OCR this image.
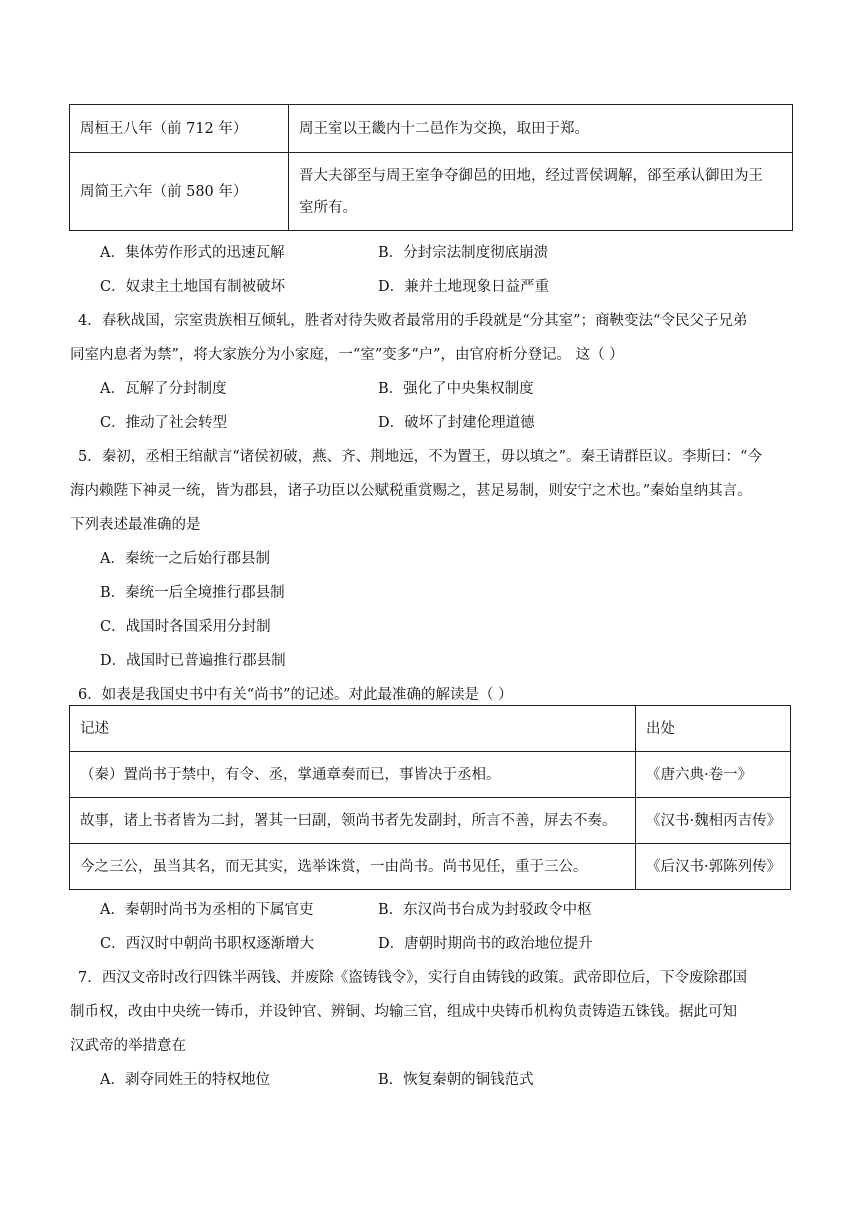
周桓王八年（前 712 年）	周王室以王畿内十二邑作为交换，取田于郑。
周简王六年（前 580 年）	晋大夫郤至与周王室争夺御邑的田地，经过晋侯调解，郤至承认御田为王
室所有。
A．集体劳作形式的迅速瓦解	B．分封宗法制度彻底崩溃
C．奴隶主土地国有制被破坏	D．兼并土地现象日益严重
4．春秋战国，宗室贵族相互倾轧，胜者对待失败者最常用的手段就是“分其室”；商鞅变法“令民父子兄弟
同室内息者为禁”，将大家族分为小家庭，一“室”变多“户”，由官府析分登记。 这（ ）
A．瓦解了分封制度	B．强化了中央集权制度
C．推动了社会转型	D．破坏了封建伦理道德
5．秦初，丞相王绾献言“诸侯初破，燕、齐、荆地远，不为置王，毋以填之”。秦王请群臣议。李斯曰：“今
海内赖陛下神灵一统，皆为郡县，诸子功臣以公赋税重赏赐之，甚足易制，则安宁之术也。”秦始皇纳其言。
下列表述最准确的是
A．秦统一之后始行郡县制
B．秦统一后全境推行郡县制
C．战国时各国采用分封制
D．战国时已普遍推行郡县制
6．如表是我国史书中有关“尚书”的记述。对此最准确的解读是（ ）
记述	出处
（秦）置尚书于禁中，有令、丞，掌通章奏而已，事皆决于丞相。	《唐六典·卷一》
故事，诸上书者皆为二封，署其一曰副，领尚书者先发副封，所言不善，屏去不奏。	《汉书·魏相丙吉传》
今之三公，虽当其名，而无其实，选举诛赏，一由尚书。尚书见任，重于三公。	《后汉书·郭陈列传》
A．秦朝时尚书为丞相的下属官吏	B．东汉尚书台成为封驳政令中枢
C．西汉时中朝尚书职权逐渐增大	D．唐朝时期尚书的政治地位提升
7．西汉文帝时改行四铢半两钱、并废除《盗铸钱令》，实行自由铸钱的政策。武帝即位后，下令废除郡国
制币权，改由中央统一铸币，并设钟官、辨铜、均输三官，组成中央铸币机构负责铸造五铢钱。据此可知
汉武帝的举措意在
A．剥夺同姓王的特权地位	B．恢复秦朝的铜钱范式
